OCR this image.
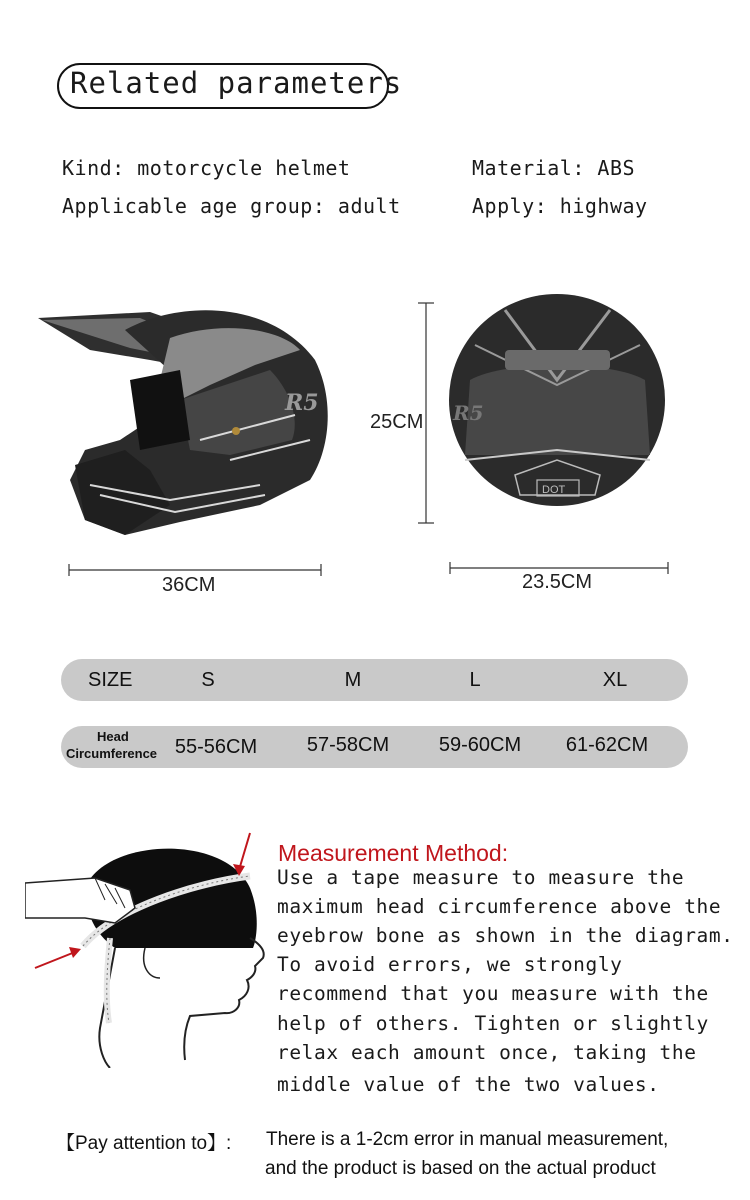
Related parameters
Kind: motorcycle helmet	Material: ABS
Applicable age group: adult	Apply: highway
R5
25CM
DOT
R5
36CM	23.5CM
SIZE	S	M	L	XL
Head
Circumference 55-56CM 57-58CM 59-60CM 61-62CM
Measurement Method:
Use a tape measure to measure the
maximum head circumference above the
eyebrow bone as shown in the diagram.
To avoid errors, we strongly
recommend that you measure with the
help of others. Tighten or slightly
relax each amount once, taking the
middle value of the two values.
【Pay attention to】: There is a 1-2cm error in manual measurement,
and the product is based on the actual product
